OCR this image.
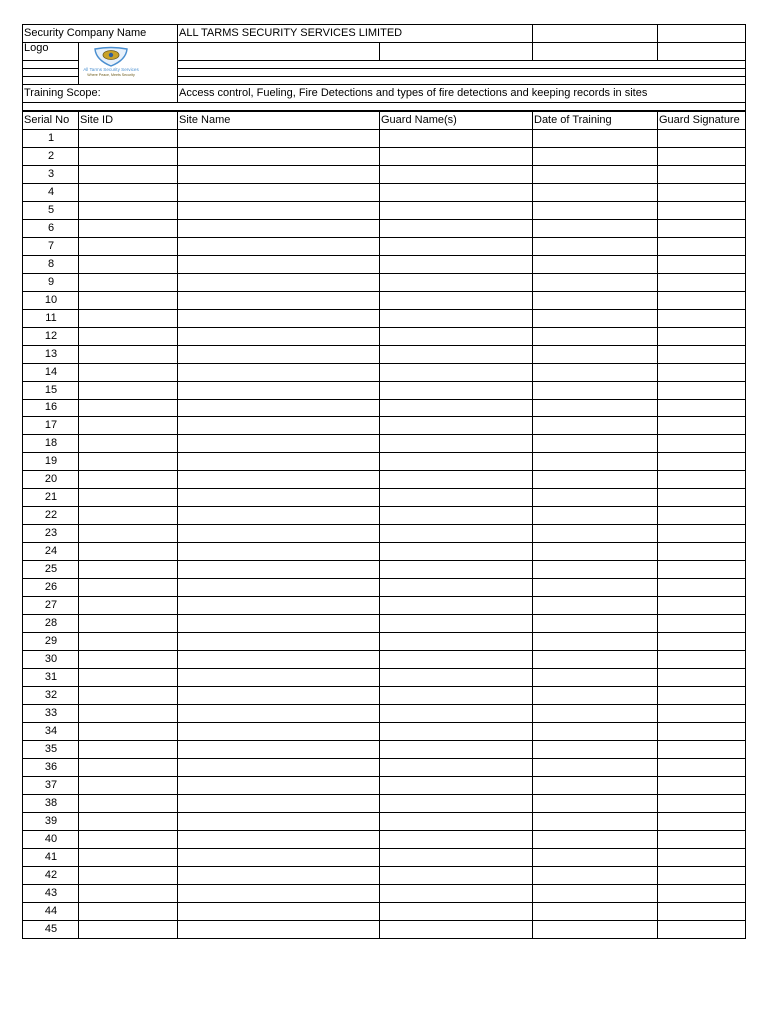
Security Company Name		ALL TARMS SECURITY SERVICES LIMITED			
Logo					

Training Scope:		Access control, Fueling, Fire Detections and types of fire detections and keeping records in sites			

All Tarms Security Services
Where Peace, Meets Security
Serial No	Site ID	Site Name	Guard Name(s)	Date of Training	Guard Signature
1					
2					
3					
4					
5					
6					
7					
8					
9					
10					
11					
12					
13					
14					
15					
16					
17					
18					
19					
20					
21					
22					
23					
24					
25					
26					
27					
28					
29					
30					
31					
32					
33					
34					
35					
36					
37					
38					
39					
40					
41					
42					
43					
44					
45					
